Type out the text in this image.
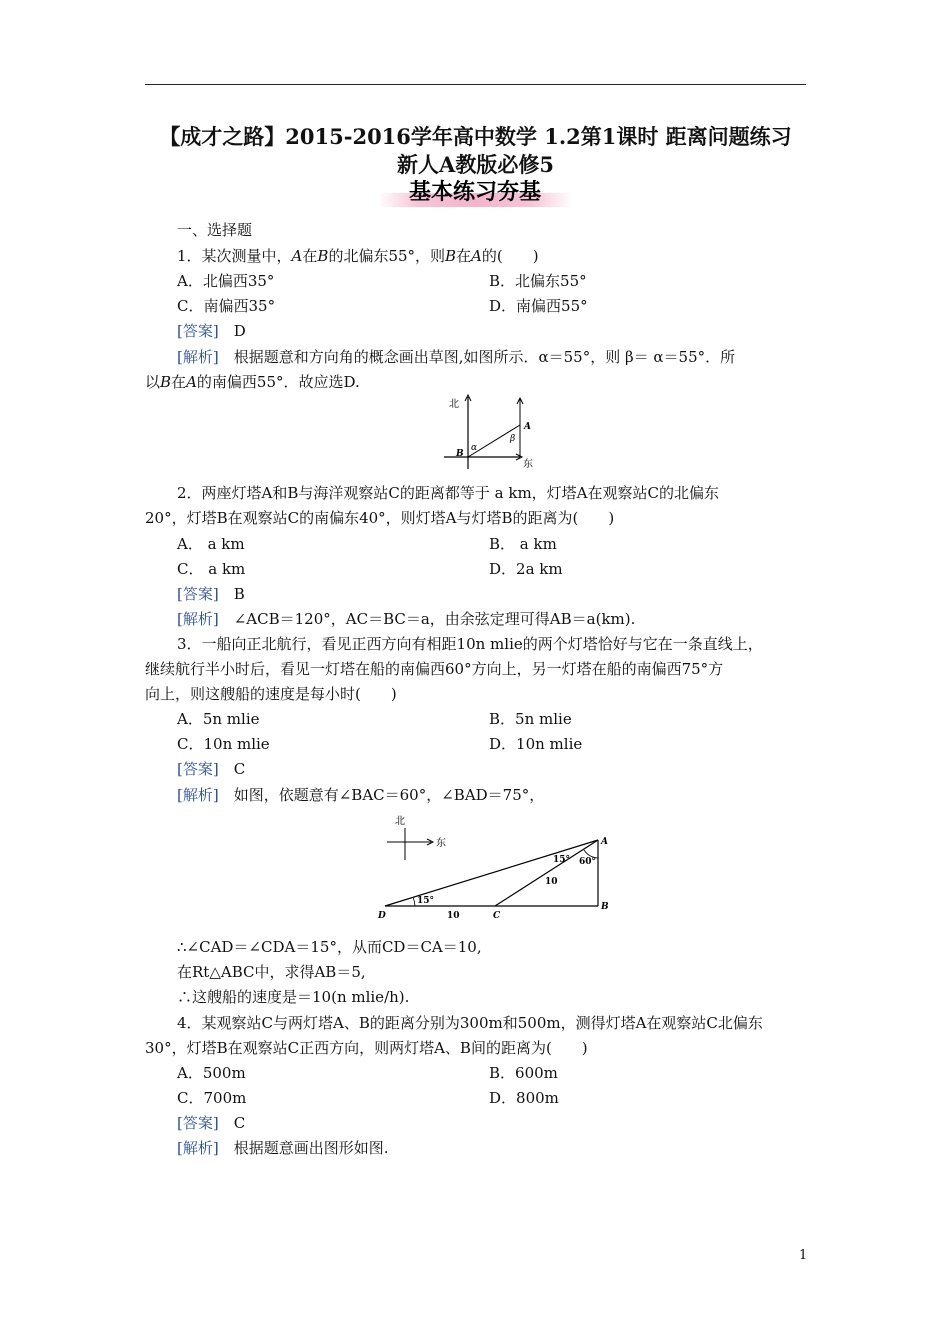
【成才之路】2015-2016学年高中数学 1.2第1课时 距离问题练习
新人A教版必修5
基本练习夯基
一、选择题
1．某次测量中，A在B的北偏东55°，则B在A的(　　)
A．北偏西35°	B．北偏东55°
C．南偏西35°	D．南偏西55°
[答案]　 D
[解析]　 根据题意和方向角的概念画出草图,如图所示．α＝55°，则 β＝ α＝55°．所
以B在A的南偏西55°．故应选D.
北
东
A
B
α
β
2．两座灯塔A和B与海洋观察站C的距离都等于 a km，灯塔A在观察站C的北偏东
20°，灯塔B在观察站C的南偏东40°，则灯塔A与灯塔B的距离为(　　)
A． a km	B． a km
C． a km	D．2a km
[答案]　 B
[解析]　 ∠ACB＝120°，AC＝BC＝a，由余弦定理可得AB＝a(km).
3．一船向正北航行，看见正西方向有相距10n mlie的两个灯塔恰好与它在一条直线上，
继续航行半小时后，看见一灯塔在船的南偏西60°方向上，另一灯塔在船的南偏西75°方
向上，则这艘船的速度是每小时(　　)
A．5n mlie	B．5n mlie
C．10n mlie	D．10n mlie
[答案]　 C
[解析]　 如图，依题意有∠BAC＝60°，∠BAD＝75°，
北
东	A
B
C
D
15° 60°
15°
10
10
∴∠CAD＝∠CDA＝15°，从而CD＝CA＝10,
在Rt△ABC中，求得AB＝5,
∴这艘船的速度是＝10(n mlie/h).
4．某观察站C与两灯塔A、B的距离分别为300m和500m，测得灯塔A在观察站C北偏东
30°，灯塔B在观察站C正西方向，则两灯塔A、B间的距离为(　　)
A．500m	B．600m
C．700m	D．800m
[答案]　 C
[解析]　 根据题意画出图形如图.
1
